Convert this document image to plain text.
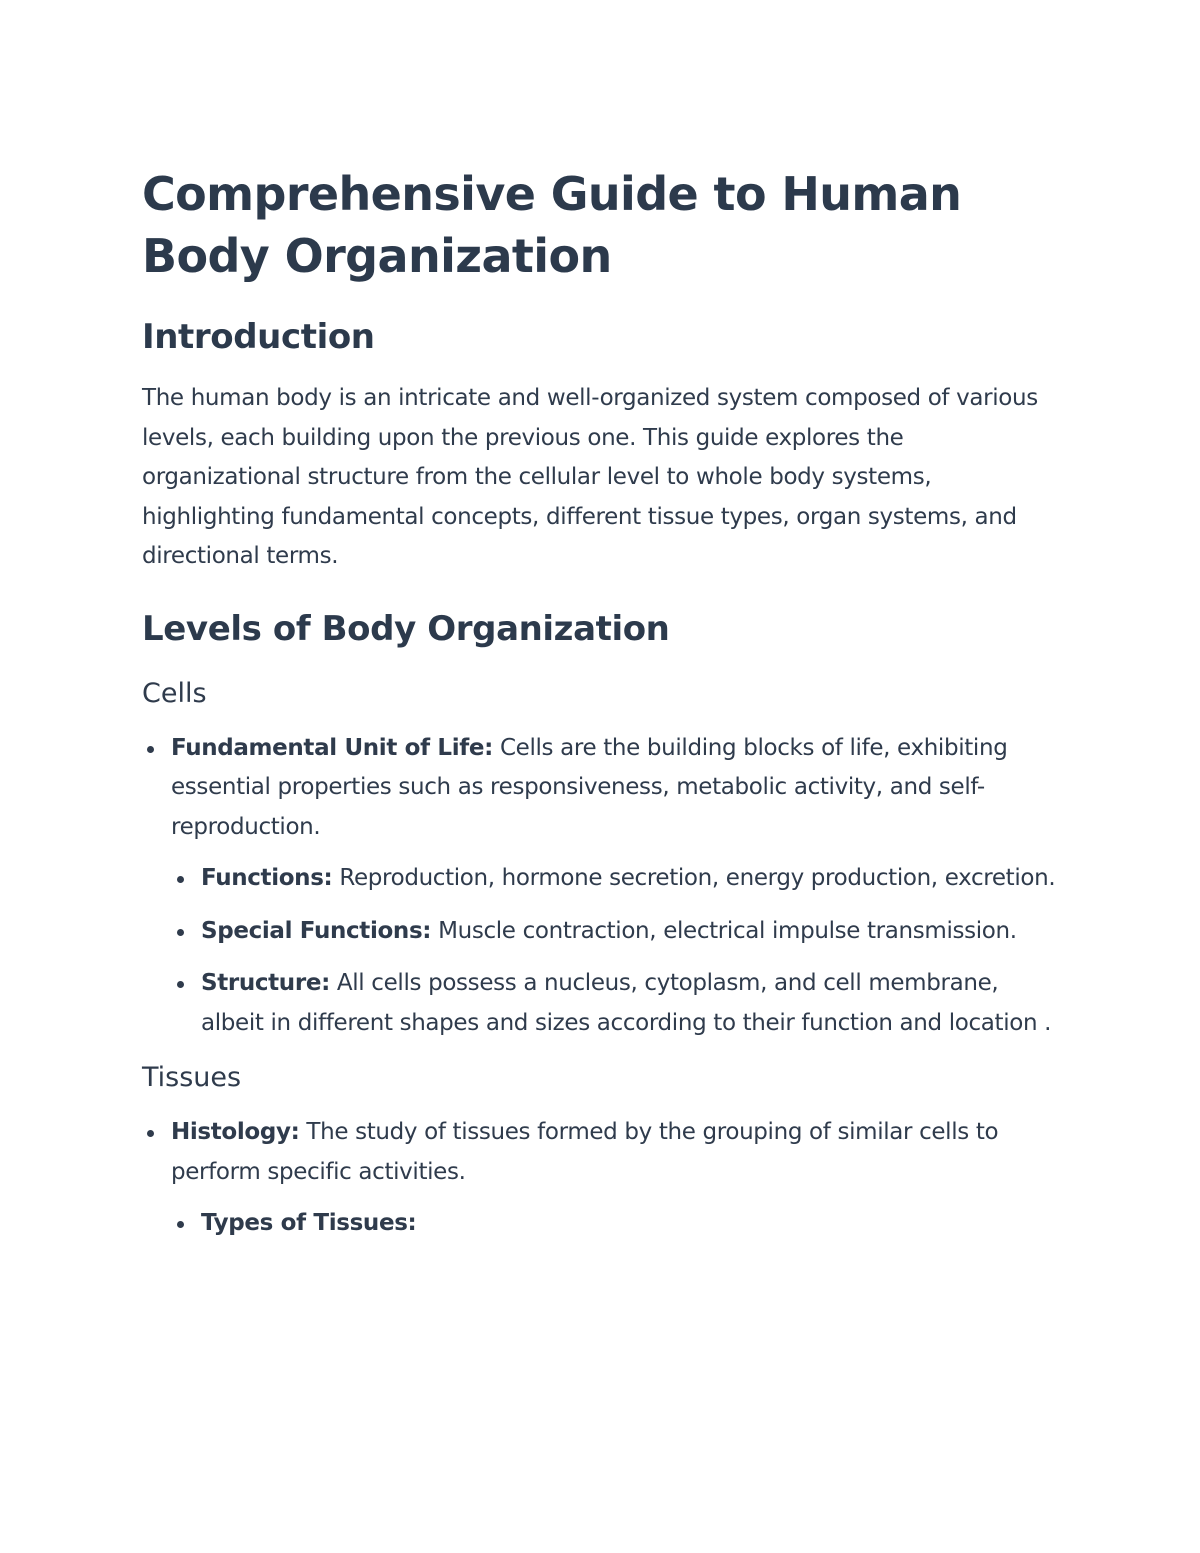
Comprehensive Guide to Human Body Organization
Introduction

The human body is an intricate and well-organized system composed of various levels, each building upon the previous one. This guide explores the organizational structure from the cellular level to whole body systems, highlighting fundamental concepts, different tissue types, organ systems, and directional terms.

Levels of Body Organization
Cells
Fundamental Unit of Life: Cells are the building blocks of life, exhibiting essential properties such as responsiveness, metabolic activity, and self-reproduction.
Functions: Reproduction, hormone secretion, energy production, excretion.
Special Functions: Muscle contraction, electrical impulse transmission.
Structure: All cells possess a nucleus, cytoplasm, and cell membrane, albeit in different shapes and sizes according to their function and location .
Tissues
Histology: The study of tissues formed by the grouping of similar cells to perform specific activities.
Types of Tissues:
